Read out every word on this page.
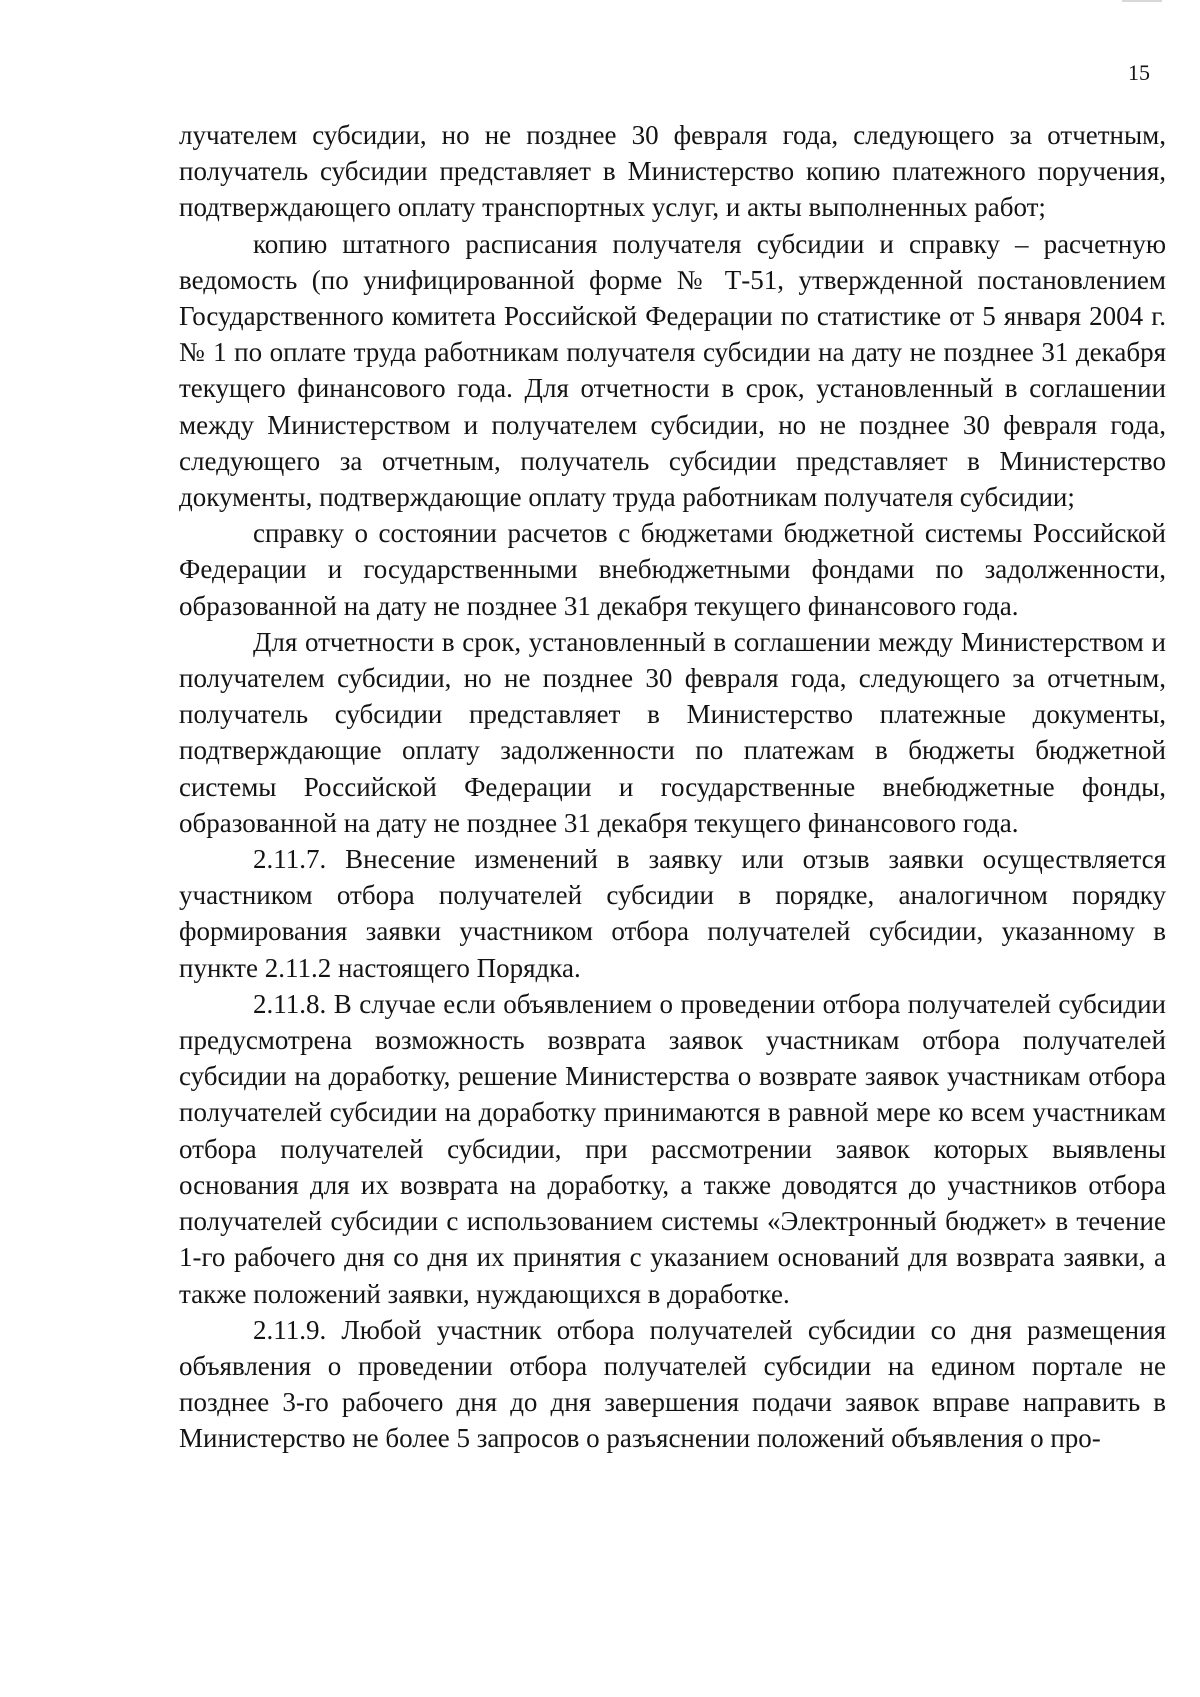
15

лучателем субсидии, но не позднее 30 февраля года, следующего за отчетным, получатель субсидии представляет в Министерство копию платежного поручения, подтверждающего оплату транспортных услуг, и акты выполненных работ;

копию штатного расписания получателя субсидии и справку – расчетную ведомость (по унифицированной форме № Т-51, утвержденной постановлением Государственного комитета Российской Федерации по статистике от 5 января 2004 г. № 1 по оплате труда работникам получателя субсидии на дату не позднее 31 декабря текущего финансового года. Для отчетности в срок, установленный в соглашении между Министерством и получателем субсидии, но не позднее 30 февраля года, следующего за отчетным, получатель субсидии представляет в Министерство документы, подтверждающие оплату труда работникам получателя субсидии;

справку о состоянии расчетов с бюджетами бюджетной системы Российской Федерации и государственными внебюджетными фондами по задолженности, образованной на дату не позднее 31 декабря текущего финансового года.

Для отчетности в срок, установленный в соглашении между Министерством и получателем субсидии, но не позднее 30 февраля года, следующего за отчетным, получатель субсидии представляет в Министерство платежные документы, подтверждающие оплату задолженности по платежам в бюджеты бюджетной системы Российской Федерации и государственные внебюджетные фонды, образованной на дату не позднее 31 декабря текущего финансового года.

2.11.7. Внесение изменений в заявку или отзыв заявки осуществляется участником отбора получателей субсидии в порядке, аналогичном порядку формирования заявки участником отбора получателей субсидии, указанному в пункте 2.11.2 настоящего Порядка.

2.11.8. В случае если объявлением о проведении отбора получателей субсидии предусмотрена возможность возврата заявок участникам отбора получателей субсидии на доработку, решение Министерства о возврате заявок участникам отбора получателей субсидии на доработку принимаются в равной мере ко всем участникам отбора получателей субсидии, при рассмотрении заявок которых выявлены основания для их возврата на доработку, а также доводятся до участников отбора получателей субсидии с использованием системы «Электронный бюджет» в течение 1-го рабочего дня со дня их принятия с указанием оснований для возврата заявки, а также положений заявки, нуждающихся в доработке.

2.11.9. Любой участник отбора получателей субсидии со дня размещения объявления о проведении отбора получателей субсидии на едином портале не позднее 3-го рабочего дня до дня завершения подачи заявок вправе направить в Министерство не более 5 запросов о разъяснении положений объявления о про-
